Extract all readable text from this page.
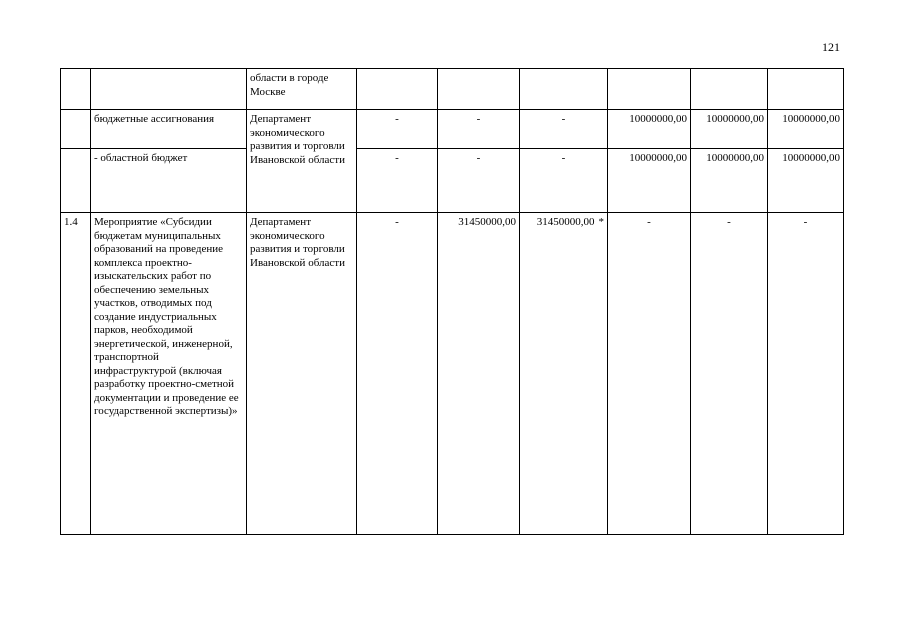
121
		области в городе Москве						
	бюджетные ассигнования	Департамент экономического развития и торговли Ивановской области	-	-	-	10000000,00	10000000,00	10000000,00
	- областной бюджет		-	-	-	10000000,00	10000000,00	10000000,00
1.4	Мероприятие «Субсидии бюджетам муниципальных образований на проведение комплекса проектно-изыскательских работ по обеспечению земельных участков, отводимых под создание индустриальных парков, необходимой энергетической, инженерной, транспортной инфраструктурой (включая разработку проектно-сметной документации и проведение ее государственной экспертизы)»	Департамент экономического развития и торговли Ивановской области	-	31450000,00	31450000,00 *	-	-	-
